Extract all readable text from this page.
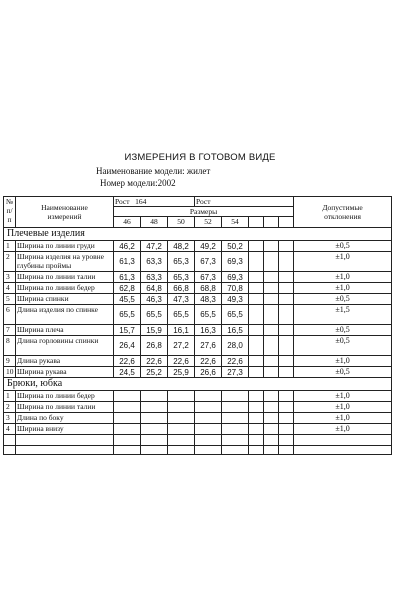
ИЗМЕРЕНИЯ В ГОТОВОМ ВИДЕ
Наименование модели: жилет
Номер модели:2002
№
п/
п	Наименование
измерений	Рост   164			Рост					Допустимые
отклонения
		Размеры								
		46	48	50	52	54				
Плечевые изделия										
1	Ширина по линии груди	46,2	47,2	48,2	49,2	50,2				±0,5
2	Ширина изделия на уровне глубины проймы	61,3	63,3	65,3	67,3	69,3				±1,0
3	Ширина по линии талии	61,3	63,3	65,3	67,3	69,3				±1,0
4	Ширина по линии бедер	62,8	64,8	66,8	68,8	70,8				±1,0
5	Ширина спинки	45,5	46,3	47,3	48,3	49,3				±0,5
6	Длина изделия по спинке	65,5	65,5	65,5	65,5	65,5				±1,5
7	Ширина плеча	15,7	15,9	16,1	16,3	16,5				±0,5
8	Длина горловины спинки	26,4	26,8	27,2	27,6	28,0				±0,5
9	Длина рукава	22,6	22,6	22,6	22,6	22,6				±1,0
10	Ширина рукава	24,5	25,2	25,9	26,6	27,3				±0,5
Брюки, юбка										
1	Ширина по линии бедер									±1,0
2	Ширина по линии талии									±1,0
3	Длина по боку									±1,0
4	Ширина внизу									±1,0
